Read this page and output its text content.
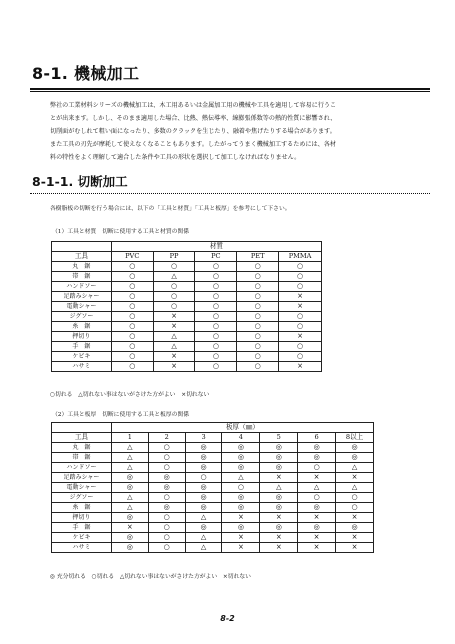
8-1. 機械加工
弊社の工業材料シリーズの機械加工は、木工用あるいは金属加工用の機械や工具を適用して容易に行うこ
とが出来ます。しかし、そのまま適用した場合、比熱、熱伝導率、線膨張係数等の熱的性質に影響され、
切削面がむしれて粗い面になったり、多数のクラックを生じたり、融着や焦げたりする場合があります。
また工具の刃先が摩耗して使えなくなることもあります。したがってうまく機械加工するためには、各材
料の特性をよく理解して適合した条件や工具の形状を選択して加工しなければなりません。
8-1-1. 切断加工
各樹脂板の切断を行う場合には、以下の「工具と材質」「工具と板厚」を参考にして下さい。
（1）工具と材質　切断に使用する工具と材質の関係
	材質				
工具	PVC	PP	PC	PET	PMMA
丸　鋸	○	○	○	○	○
帯　鋸	○	△	○	○	○
ハンドソー	○	○	○	○	○
足踏みシャー	○	○	○	○	×
電動シャー	○	○	○	○	×
ジグソー	○	×	○	○	○
糸　鋸	○	×	○	○	○
押切り	○	△	○	○	×
手　鋸	○	△	○	○	○
ケビキ	○	×	○	○	○
ハサミ	○	×	○	○	×
○切れる　△切れない事はないがさけた方がよい　×切れない
（2）工具と板厚　切断に使用する工具と板厚の関係
	板厚（㎜）						
工具	1	2	3	4	5	6	8以上
丸　鋸	△	○	◎	◎	◎	◎	◎
帯　鋸	△	○	◎	◎	◎	◎	◎
ハンドソー	△	○	◎	◎	◎	○	△
足踏みシャー	◎	◎	○	△	×	×	×
電動シャー	◎	◎	◎	○	△	△	△
ジグソー	△	○	◎	◎	◎	○	○
糸　鋸	△	◎	◎	◎	◎	◎	○
押切り	◎	○	△	×	×	×	×
手　鋸	×	○	◎	◎	◎	◎	◎
ケビキ	◎	○	△	×	×	×	×
ハサミ	◎	○	△	×	×	×	×
◎ 充分切れる　○切れる　△切れない事はないがさけた方がよい　×切れない
8-2
